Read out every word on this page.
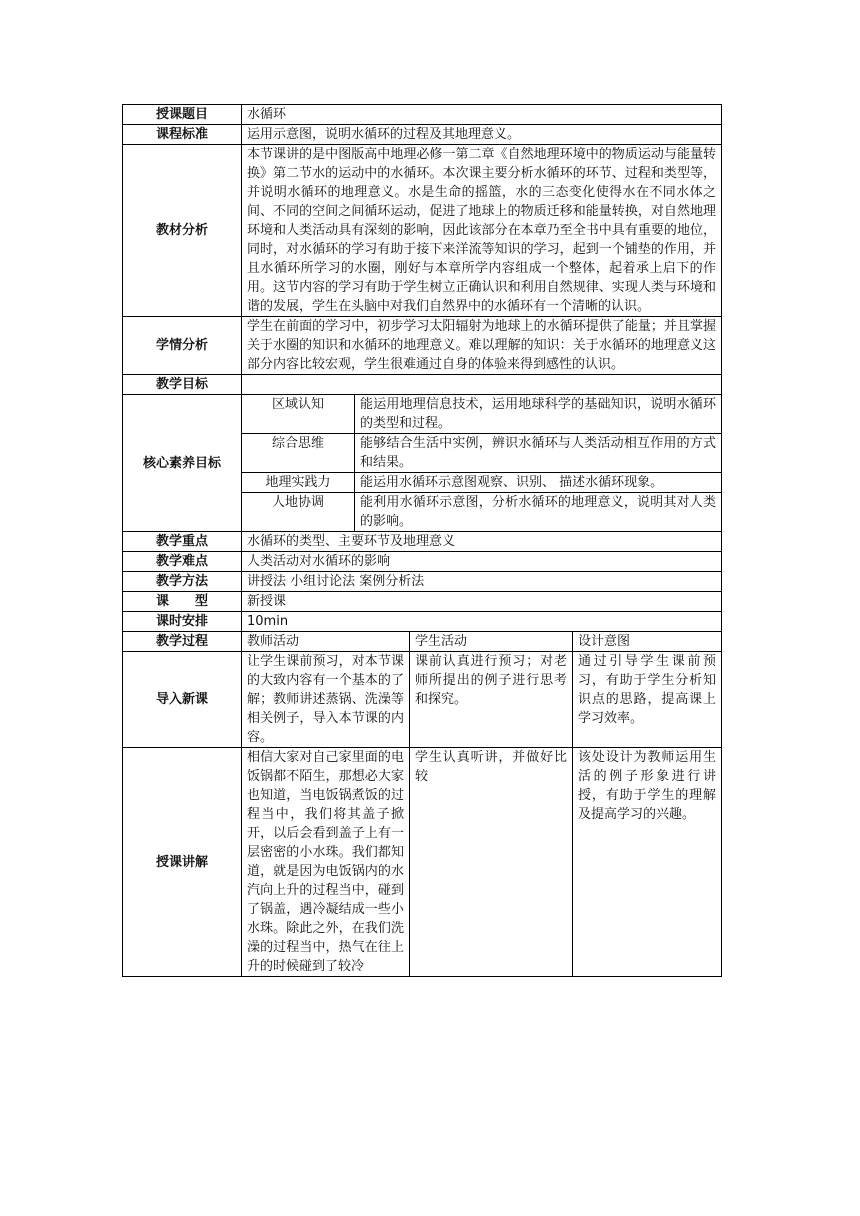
授课题目	水循环			
课程标准	运用示意图，说明水循环的过程及其地理意义。			
教材分析	本节课讲的是中图版高中地理必修一第二章《自然地理环境中的物质运动与能量转换》第二节水的运动中的水循环。本次课主要分析水循环的环节、过程和类型等，并说明水循环的地理意义。水是生命的摇篮，水的三态变化使得水在不同水体之间、不同的空间之间循环运动，促进了地球上的物质迁移和能量转换，对自然地理环境和人类活动具有深刻的影响，因此该部分在本章乃至全书中具有重要的地位，同时，对水循环的学习有助于接下来洋流等知识的学习，起到一个铺垫的作用，并且水循环所学习的水圈，刚好与本章所学内容组成一个整体，起着承上启下的作用。这节内容的学习有助于学生树立正确认识和利用自然规律、实现人类与环境和谐的发展，学生在头脑中对我们自然界中的水循环有一个清晰的认识。			
学情分析	学生在前面的学习中，初步学习太阳辐射为地球上的水循环提供了能量；并且掌握关于水圈的知识和水循环的地理意义。难以理解的知识：关于水循环的地理意义这部分内容比较宏观，学生很难通过自身的体验来得到感性的认识。			
教学目标				
核心素养目标	区域认知	能运用地理信息技术，运用地球科学的基础知识，说明水循环的类型和过程。		
	综合思维	能够结合生活中实例，辨识水循环与人类活动相互作用的方式和结果。		
	地理实践力	能运用水循环示意图观察、识别、 描述水循环现象。		
	人地协调	能利用水循环示意图，分析水循环的地理意义，说明其对人类的影响。		
教学重点	水循环的类型、主要环节及地理意义			
教学难点	人类活动对水循环的影响			
教学方法	讲授法 小组讨论法 案例分析法			
课　　型	新授课			
课时安排	10min			
教学过程	教师活动		学生活动	设计意图
导入新课	让学生课前预习，对本节课的大致内容有一个基本的了解；教师讲述蒸锅、洗澡等相关例子，导入本节课的内容。		课前认真进行预习；对老师所提出的例子进行思考和探究。	通过引导学生课前预习，有助于学生分析知识点的思路，提高课上学习效率。
授课讲解	相信大家对自己家里面的电饭锅都不陌生，那想必大家也知道，当电饭锅煮饭的过程当中，我们将其盖子掀开，以后会看到盖子上有一层密密的小水珠。我们都知道，就是因为电饭锅内的水汽向上升的过程当中，碰到了锅盖，遇冷凝结成一些小水珠。除此之外，在我们洗澡的过程当中，热气在往上升的时候碰到了较冷		学生认真听讲，并做好比较	该处设计为教师运用生活的例子形象进行讲授，有助于学生的理解及提高学习的兴趣。
